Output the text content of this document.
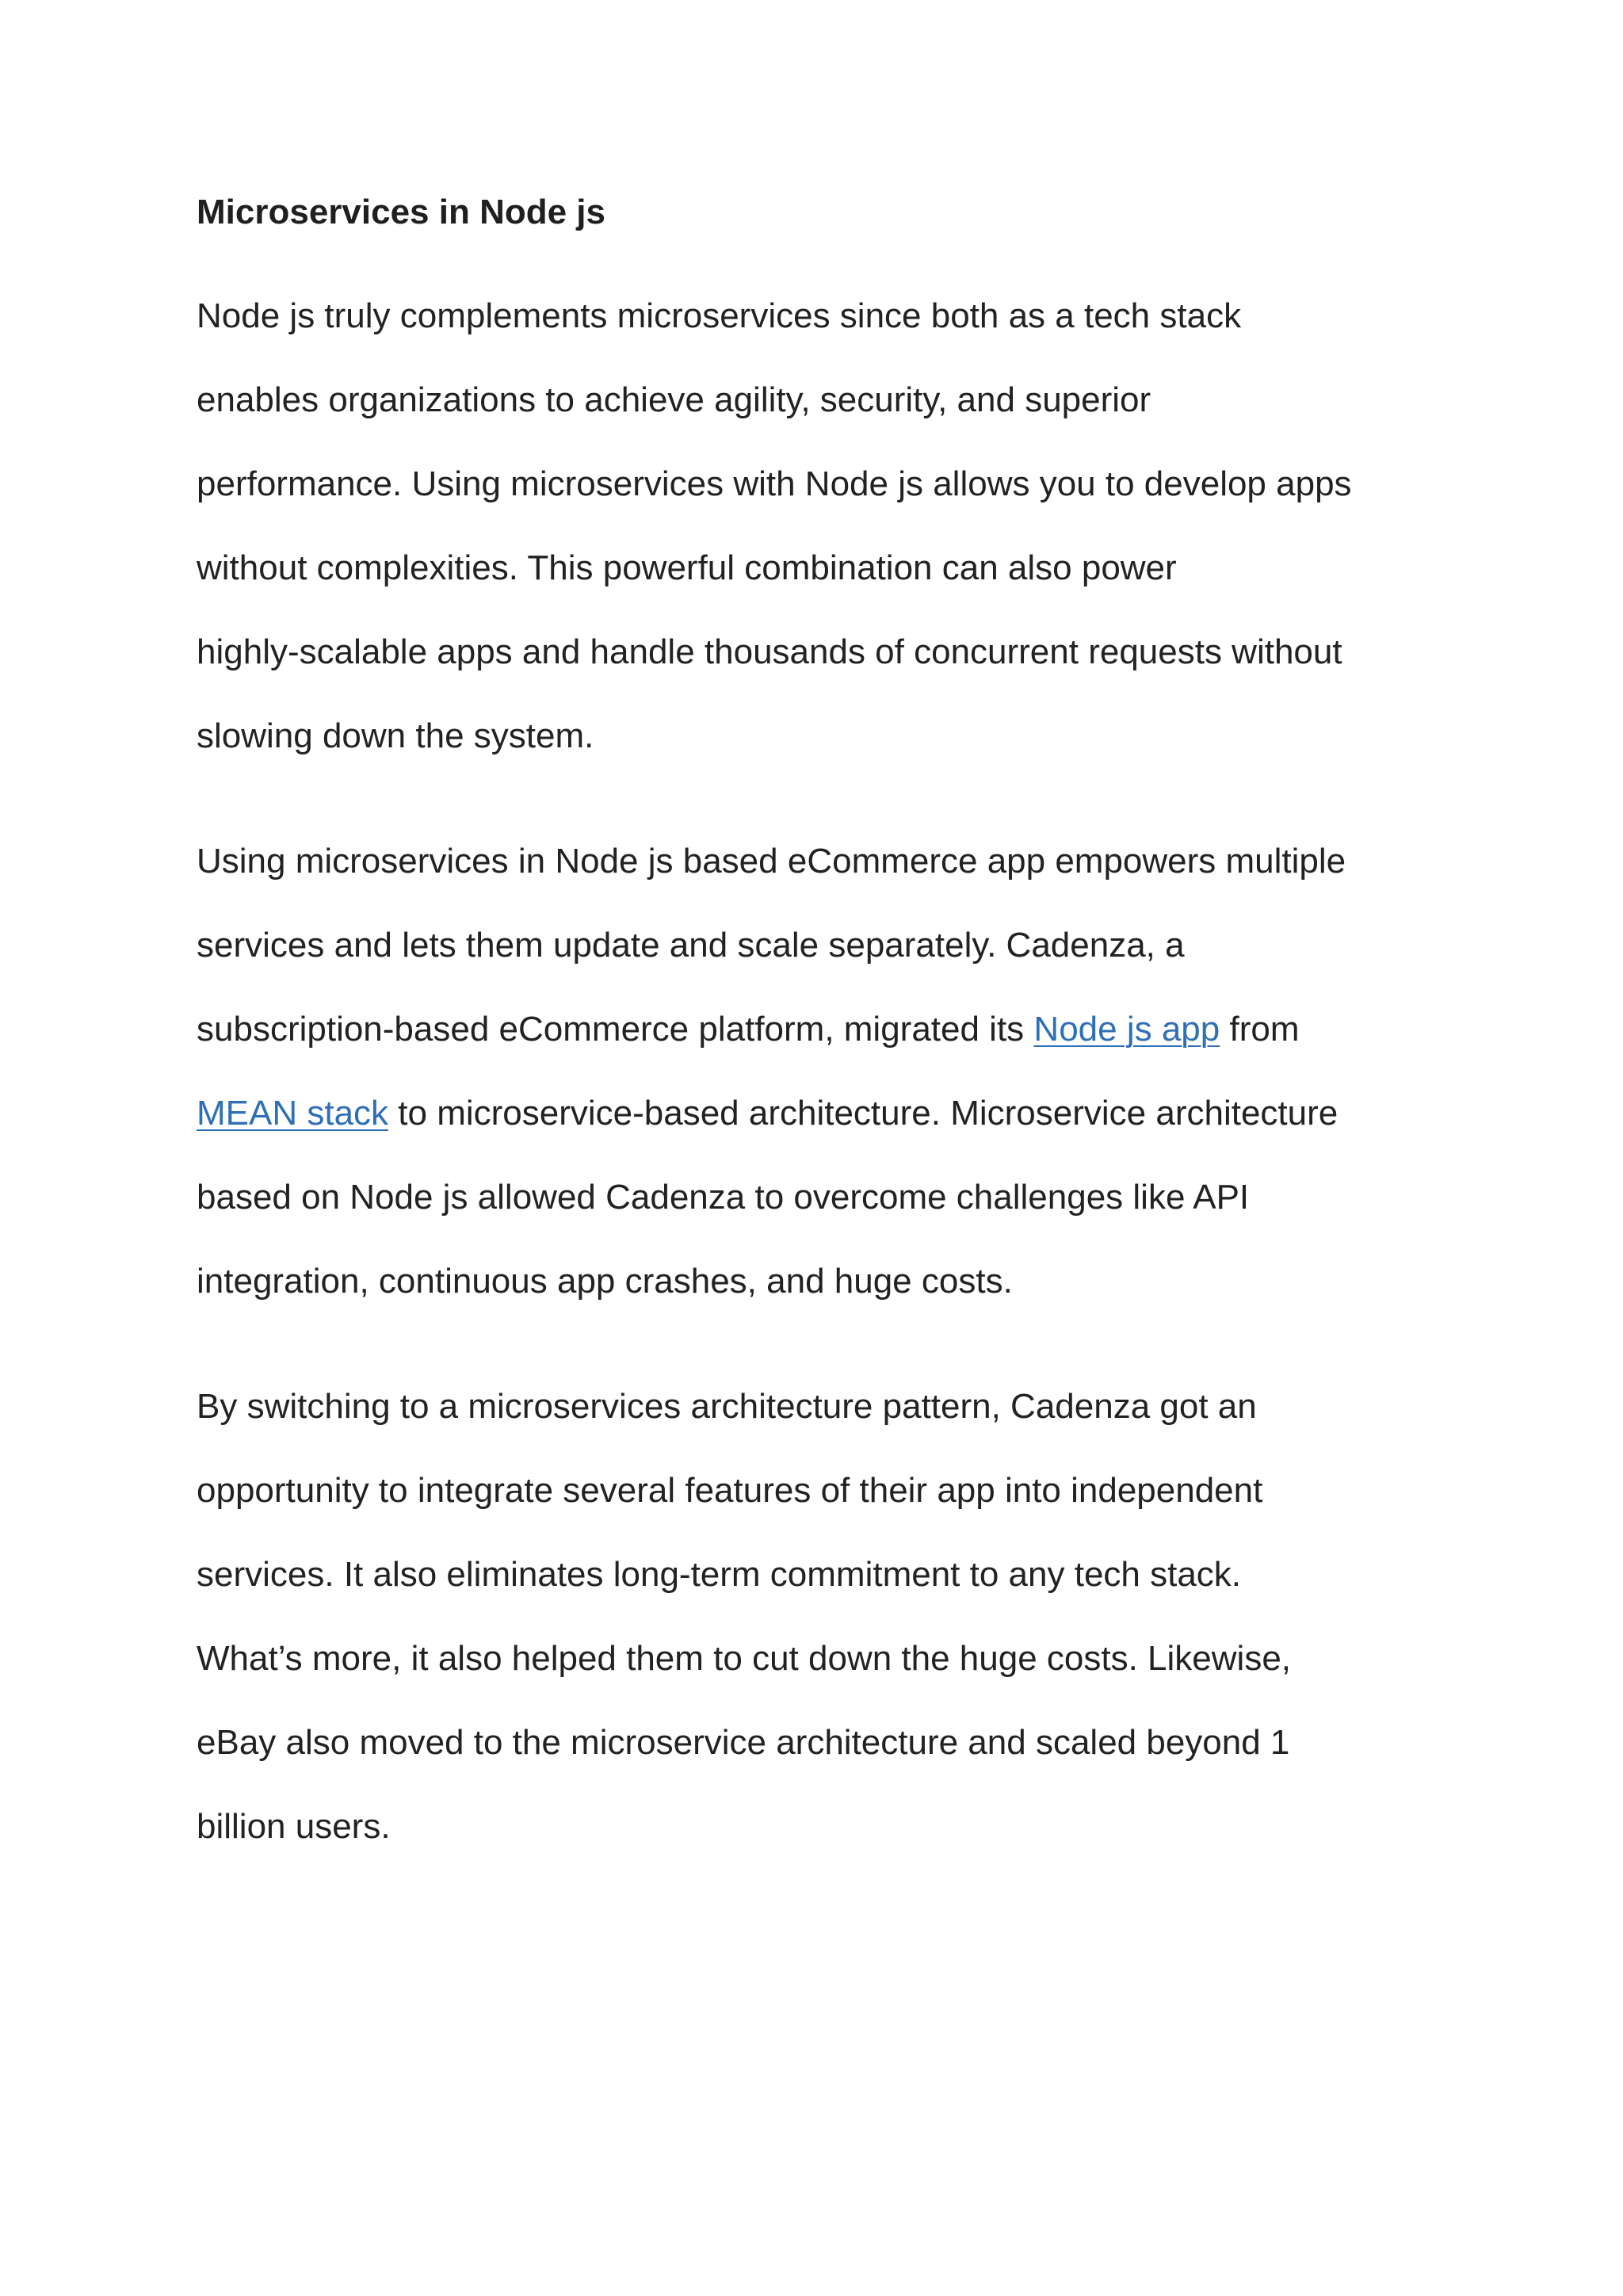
Microservices in Node js

Node js truly complements microservices since both as a tech stack
enables organizations to achieve agility, security, and superior
performance. Using microservices with Node js allows you to develop apps
without complexities. This powerful combination can also power
highly-scalable apps and handle thousands of concurrent requests without
slowing down the system.

Using microservices in Node js based eCommerce app empowers multiple
services and lets them update and scale separately. Cadenza, a
subscription-based eCommerce platform, migrated its Node js app from
MEAN stack to microservice-based architecture. Microservice architecture
based on Node js allowed Cadenza to overcome challenges like API
integration, continuous app crashes, and huge costs.

By switching to a microservices architecture pattern, Cadenza got an
opportunity to integrate several features of their app into independent
services. It also eliminates long-term commitment to any tech stack.
What’s more, it also helped them to cut down the huge costs. Likewise,
eBay also moved to the microservice architecture and scaled beyond 1
billion users.
